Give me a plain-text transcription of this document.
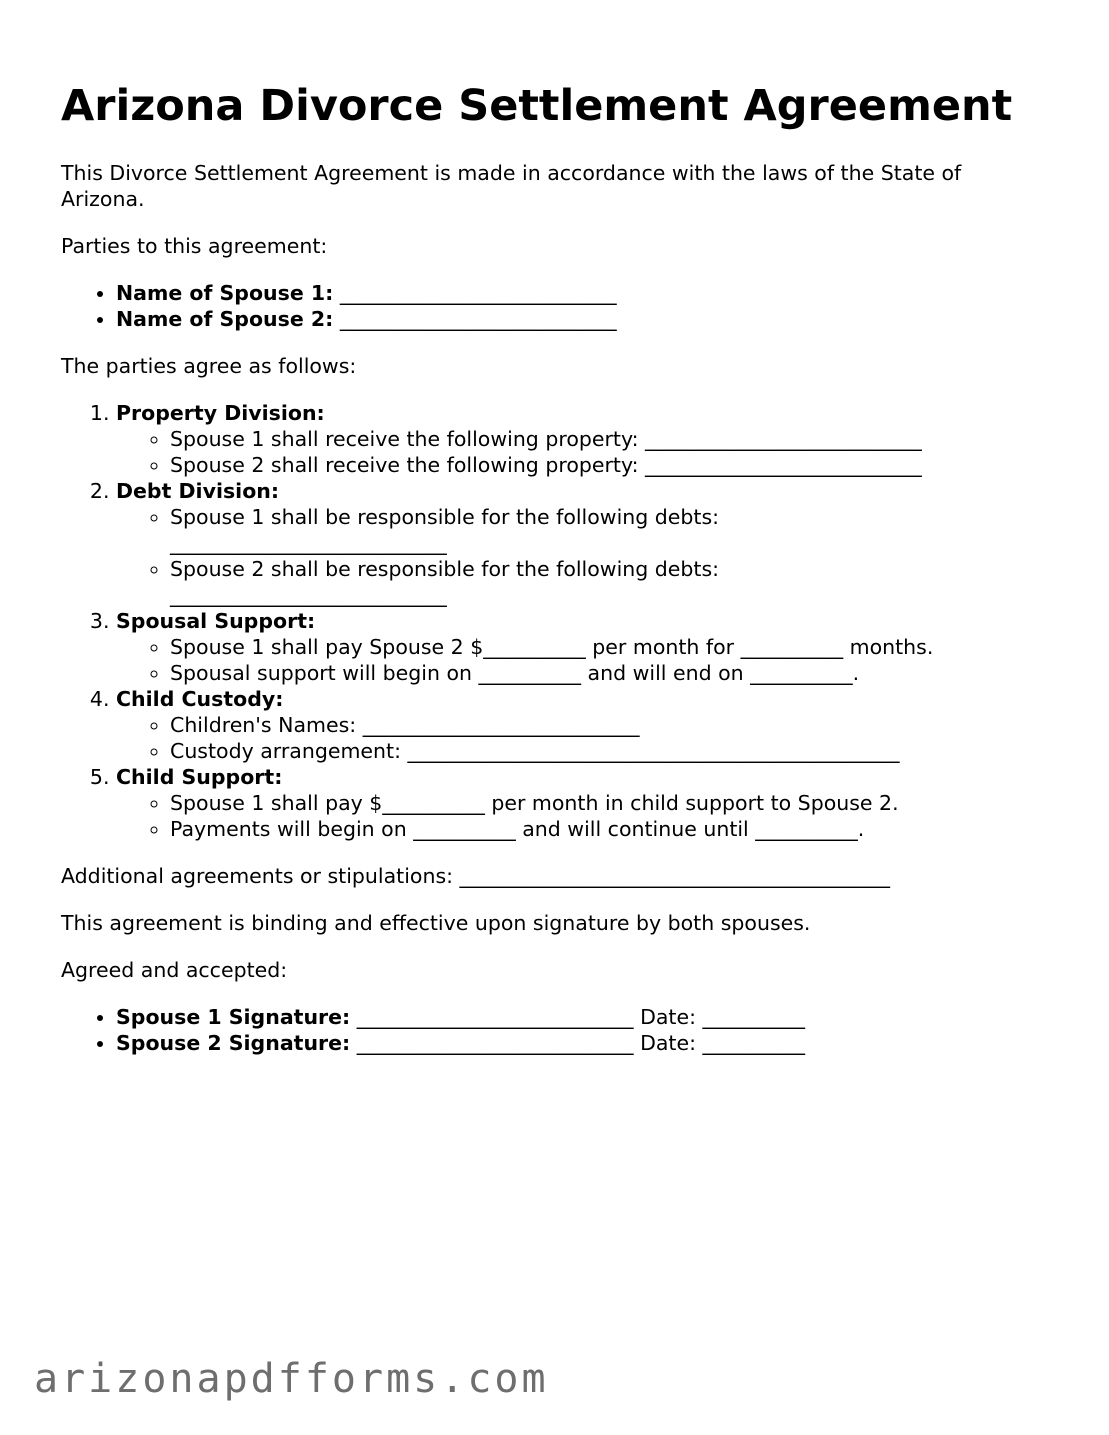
Arizona Divorce Settlement Agreement

This Divorce Settlement Agreement is made in accordance with the laws of the State of Arizona.

Parties to this agreement:

• Name of Spouse 1: ___________________________
• Name of Spouse 2: ___________________________

The parties agree as follows:

1. Property Division:
◦ Spouse 1 shall receive the following property: ___________________________
◦ Spouse 2 shall receive the following property: ___________________________
2. Debt Division:
◦ Spouse 1 shall be responsible for the following debts: ___________________________
◦ Spouse 2 shall be responsible for the following debts: ___________________________
3. Spousal Support:
◦ Spouse 1 shall pay Spouse 2 $__________ per month for __________ months.
◦ Spousal support will begin on __________ and will end on __________.
4. Child Custody:
◦ Children's Names: ___________________________
◦ Custody arrangement: ________________________________________________
5. Child Support:
◦ Spouse 1 shall pay $__________ per month in child support to Spouse 2.
◦ Payments will begin on __________ and will continue until __________.

Additional agreements or stipulations: __________________________________________

This agreement is binding and effective upon signature by both spouses.

Agreed and accepted:

• Spouse 1 Signature: ___________________________ Date: __________
• Spouse 2 Signature: ___________________________ Date: __________
arizonapdfforms.com
